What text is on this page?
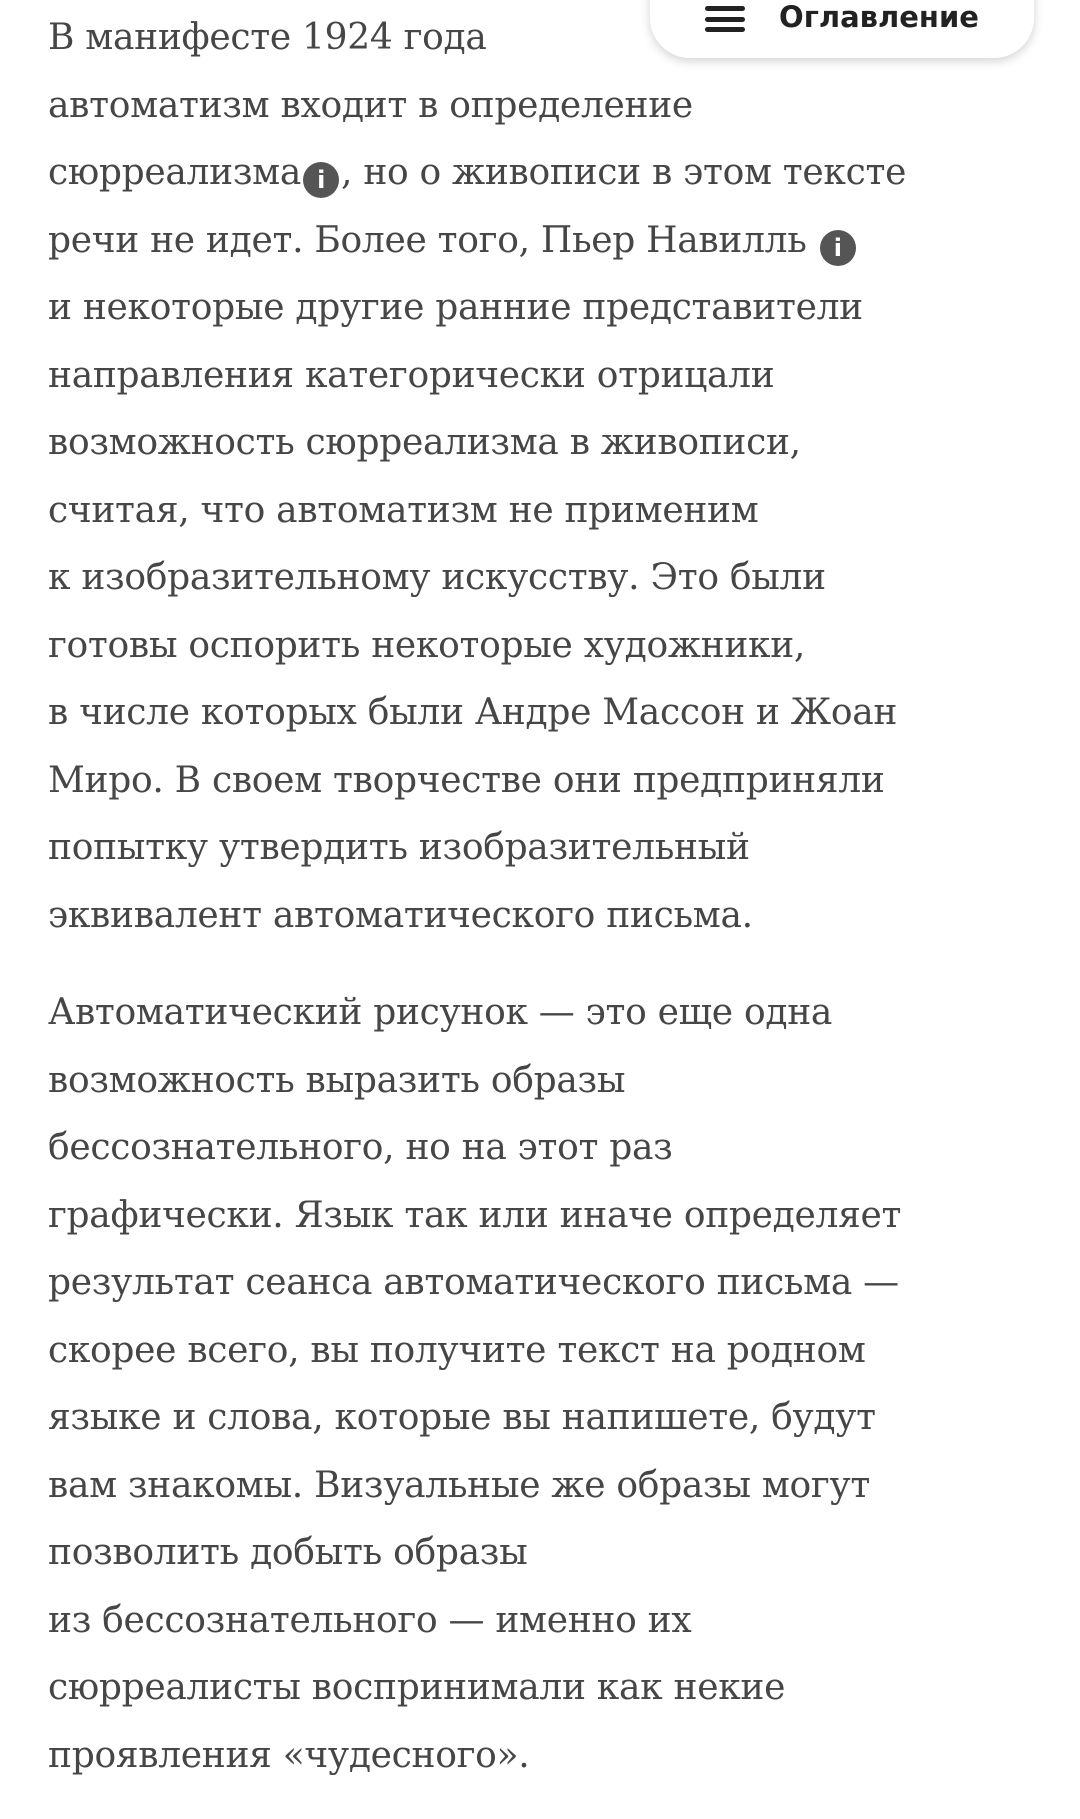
В манифесте 1924 года
автоматизм входит в определение
сюрреализма i , но о живописи в этом тексте
речи не идет. Более того, Пьер Навилль i
и некоторые другие ранние представители
направления категорически отрицали
возможность сюрреализма в живописи,
считая, что автоматизм не применим
к изобразительному искусству. Это были
готовы оспорить некоторые художники,
в числе которых были Андре Массон и Жоан
Миро. В своем творчестве они предприняли
попытку утвердить изобразительный
эквивалент автоматического письма.
Автоматический рисунок — это еще одна
возможность выразить образы
бессознательного, но на этот раз
графически. Язык так или иначе определяет
результат сеанса автоматического письма —
скорее всего, вы получите текст на родном
языке и слова, которые вы напишете, будут
вам знакомы. Визуальные же образы могут
позволить добыть образы
из бессознательного — именно их
сюрреалисты воспринимали как некие
проявления «чудесного».
Оглавление
